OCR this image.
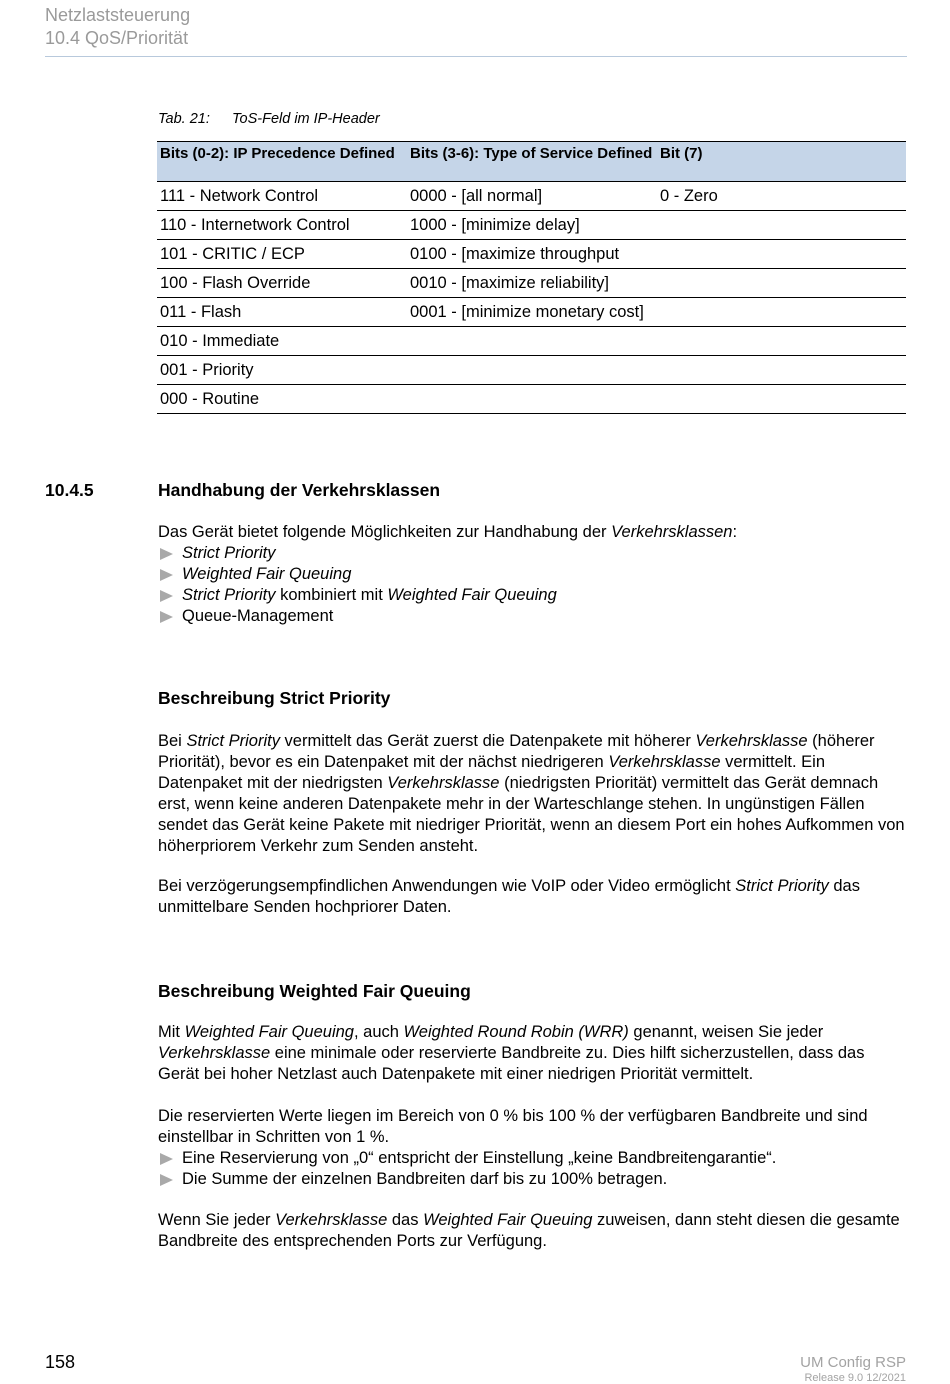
Netzlaststeuerung
10.4 QoS/Priorität
Tab. 21: ToS-Feld im IP-Header
Bits (0-2): IP Precedence Defined	Bits (3-6): Type of Service Defined	Bit (7)
111 - Network Control	0000 - [all normal]	0 - Zero
110 - Internetwork Control	1000 - [minimize delay]	
101 - CRITIC / ECP	0100 - [maximize throughput	
100 - Flash Override	0010 - [maximize reliability]	
011 - Flash	0001 - [minimize monetary cost]	
010 - Immediate		
001 - Priority		
000 - Routine		
10.4.5	Handhabung der Verkehrsklassen

Das Gerät bietet folgende Möglichkeiten zur Handhabung der Verkehrsklassen:

Strict Priority
Weighted Fair Queuing
Strict Priority kombiniert mit Weighted Fair Queuing
Queue-Management
Beschreibung Strict Priority

Bei Strict Priority vermittelt das Gerät zuerst die Datenpakete mit höherer Verkehrsklasse (höherer Priorität), bevor es ein Datenpaket mit der nächst niedrigeren Verkehrsklasse vermittelt. Ein Datenpaket mit der niedrigsten Verkehrsklasse (niedrigsten Priorität) vermittelt das Gerät demnach erst, wenn keine anderen Datenpakete mehr in der Warteschlange stehen. In ungünstigen Fällen sendet das Gerät keine Pakete mit niedriger Priorität, wenn an diesem Port ein hohes Aufkommen von höherpriorem Verkehr zum Senden ansteht.

Bei verzögerungsempfindlichen Anwendungen wie VoIP oder Video ermöglicht Strict Priority das unmittelbare Senden hochpriorer Daten.

Beschreibung Weighted Fair Queuing

Mit Weighted Fair Queuing, auch Weighted Round Robin (WRR) genannt, weisen Sie jeder Verkehrsklasse eine minimale oder reservierte Bandbreite zu. Dies hilft sicherzustellen, dass das Gerät bei hoher Netzlast auch Datenpakete mit einer niedrigen Priorität vermittelt.

Die reservierten Werte liegen im Bereich von 0 % bis 100 % der verfügbaren Bandbreite und sind einstellbar in Schritten von 1 %.

Eine Reservierung von „0“ entspricht der Einstellung „keine Bandbreitengarantie“.
Die Summe der einzelnen Bandbreiten darf bis zu 100% betragen.

Wenn Sie jeder Verkehrsklasse das Weighted Fair Queuing zuweisen, dann steht diesen die gesamte Bandbreite des entsprechenden Ports zur Verfügung.

158	UM Config RSP
Release 9.0 12/2021
